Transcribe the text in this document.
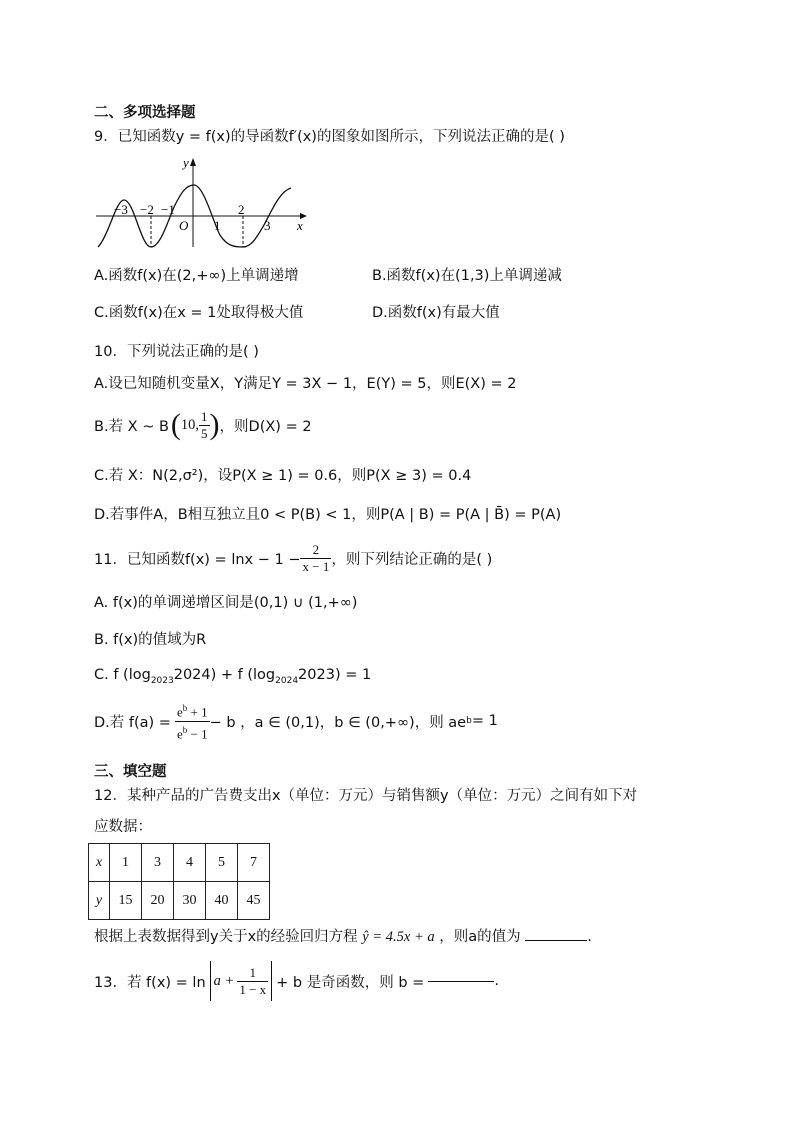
二、多项选择题
9．已知函数y = f(x)的导函数f′(x)的图象如图所示，下列说法正确的是( )
y
x
O
−3 −2 −1
1
2
3
A.函数f(x)在(2,+∞)上单调递增	B.函数f(x)在(1,3)上单调递减
C.函数f(x)在x = 1处取得极大值	D.函数f(x)有最大值
10．下列说法正确的是( )
A.设已知随机变量X，Y满足Y = 3X − 1，E(Y) = 5，则E(X) = 2
B.若 X ~ B ( 10, $\frac{1}{5}$ ) ，则D(X) = 2
C.若 X：N(2,σ²)，设P(X ≥ 1) = 0.6，则P(X ≥ 3) = 0.4
D.若事件A，B相互独立且0 < P(B) < 1，则P(A | B) = P(A | B̄) = P(A)
11．已知函数$f(x) = \ln x - 1 - \frac{2}{x - 1}$ ，则下列结论正确的是( )
A. f(x)的单调递增区间是(0,1) ∪ (1,+∞)
B. f(x)的值域为R
C. f $(\log_{2023}2024) + f$ $(\log_{2024}2023) = 1$
D.若 $f(a) = \frac{e^b + 1}{e^b - 1} - b$ ，a ∈ (0,1)，b ∈ (0,+∞)，则 ae b = 1
三、填空题
12．某种产品的广告费支出x（单位：万元）与销售额y（单位：万元）之间有如下对
应数据：
x	1	3	4	5	7
y	15	20	30	40	45
根据上表数据得到y关于x的经验回归方程 ŷ = 4.5x + a ，则a的值为	.
13．若 $f(x) = \ln a + \frac{1}{1 - x} + b$ 是奇函数，则 b =	.
